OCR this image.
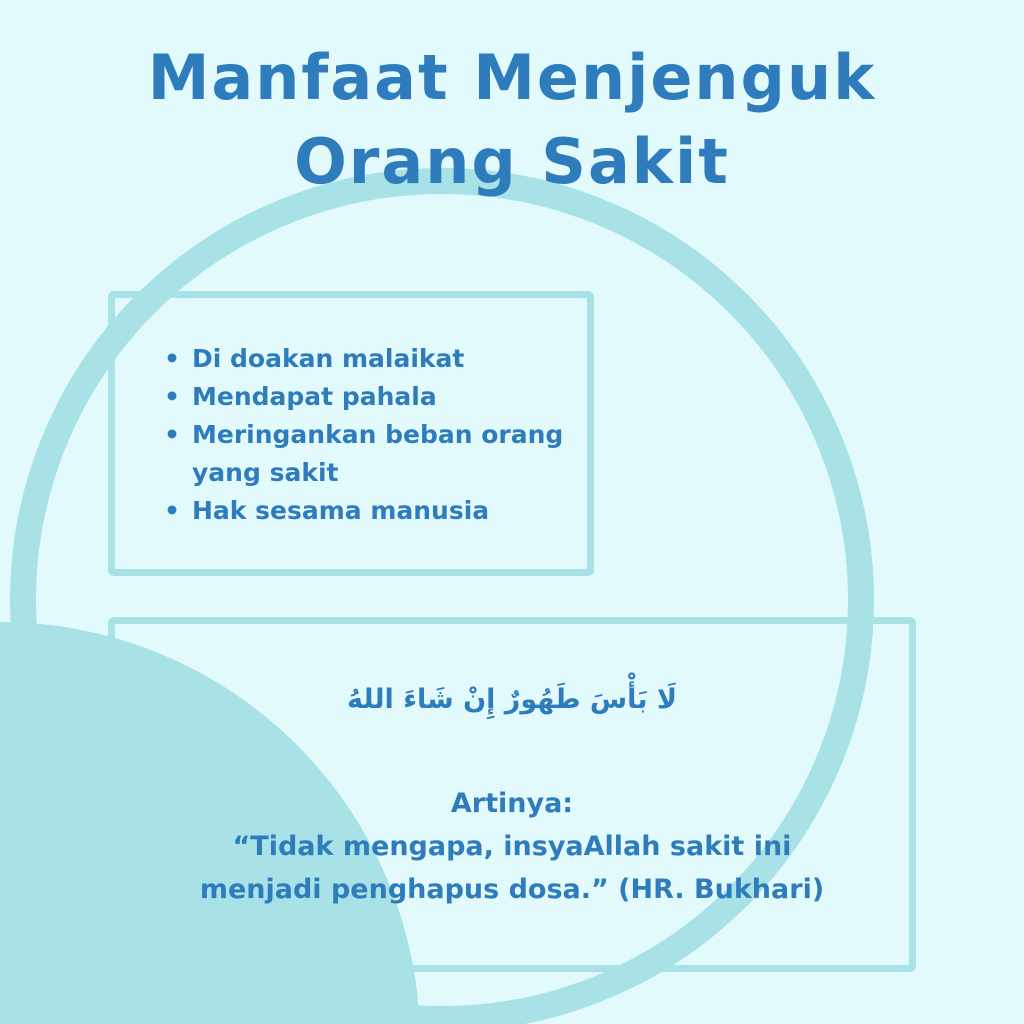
Manfaat Menjenguk
Orang Sakit
• Di doakan malaikat
• Mendapat pahala
• Meringankan beban orang yang sakit
• Hak sesama manusia
لَا بَأْسَ طَهُورٌ إِنْ شَاءَ اللهُ
Artinya:
“Tidak mengapa, insyaAllah sakit ini
menjadi penghapus dosa.” (HR. Bukhari)
